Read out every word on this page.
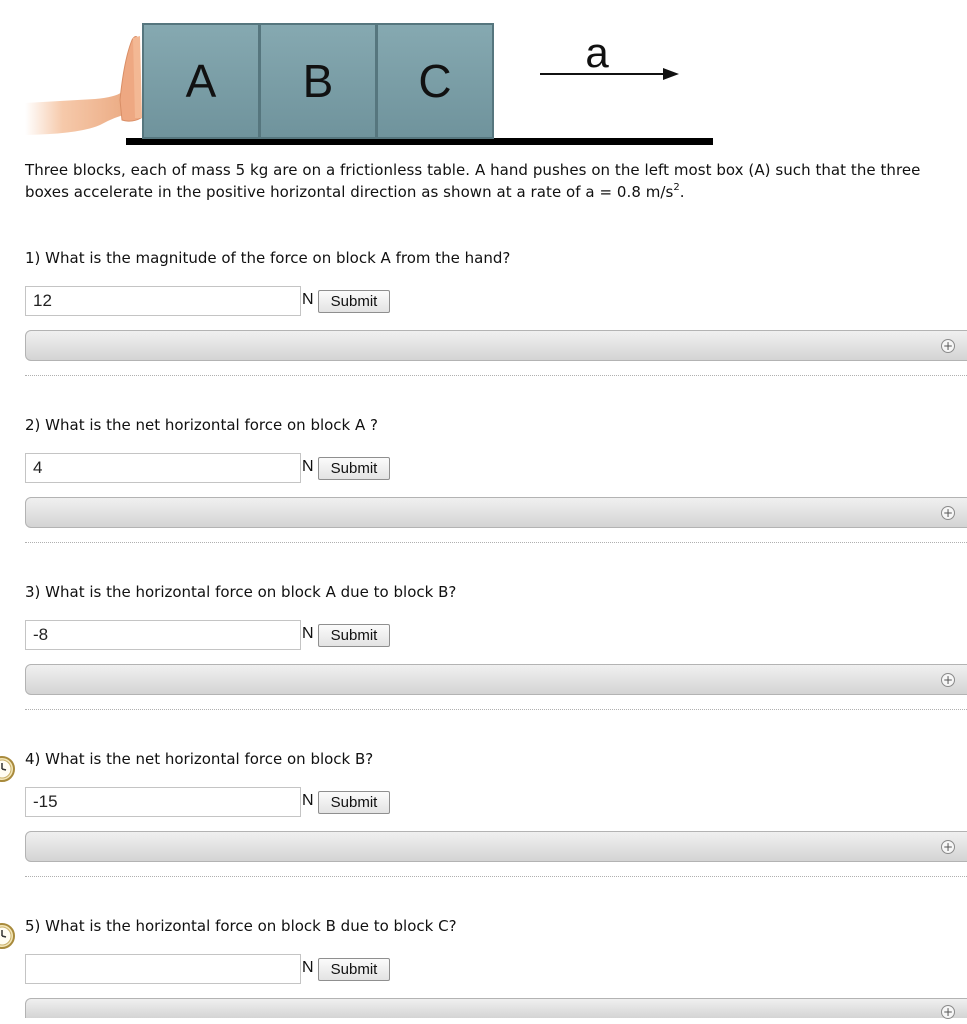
A B C
a
Three blocks, each of mass 5 kg are on a frictionless table. A hand pushes on the left most box (A) such that the three
boxes accelerate in the positive horizontal direction as shown at a rate of a = 0.8 $m/s^2$.
1) What is the magnitude of the force on block A from the hand?
12
N	Submit
+
2) What is the net horizontal force on block A ?
4
N	Submit
+
3) What is the horizontal force on block A due to block B?
-8
N	Submit
+
4) What is the net horizontal force on block B?
-15
N	Submit
+
5) What is the horizontal force on block B due to block C?
N	Submit
+
